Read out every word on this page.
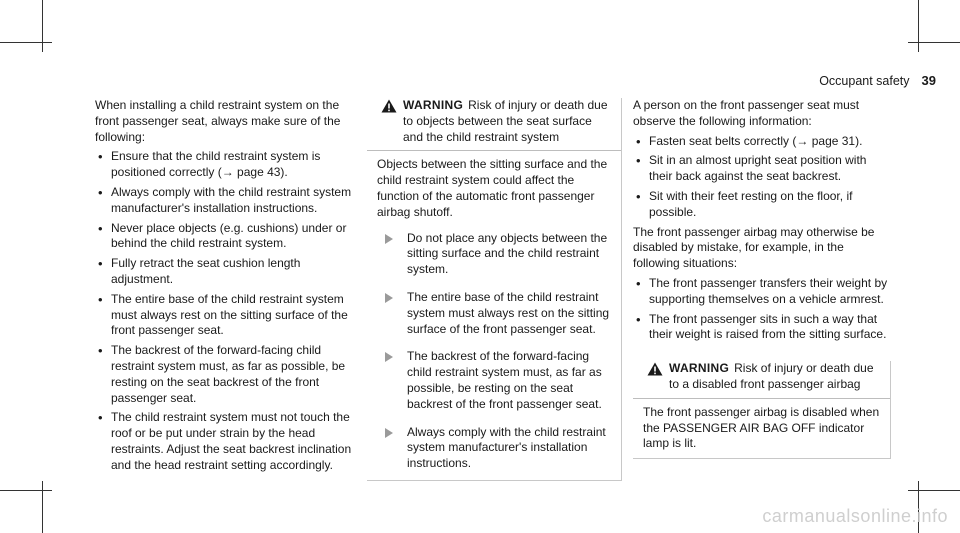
Occupant safety 39

When installing a child restraint system on the front passenger seat, always make sure of the following:

• Ensure that the child restraint system is positioned correctly (→ page 43).
• Always comply with the child restraint system manufacturer's installation instructions.
• Never place objects (e.g. cushions) under or behind the child restraint system.
• Fully retract the seat cushion length adjustment.
• The entire base of the child restraint system must always rest on the sitting surface of the front passenger seat.
• The backrest of the forward-facing child restraint system must, as far as possible, be resting on the seat backrest of the front passenger seat.
• The child restraint system must not touch the roof or be put under strain by the head restraints. Adjust the seat backrest inclination and the head restraint setting accordingly.
WARNING Risk of injury or death due to objects between the seat surface and the child restraint system

Objects between the sitting surface and the child restraint system could affect the function of the automatic front passenger airbag shutoff.

Do not place any objects between the sitting surface and the child restraint system.
The entire base of the child restraint system must always rest on the sitting surface of the front passenger seat.
The backrest of the forward-facing child restraint system must, as far as possible, be resting on the seat backrest of the front passenger seat.
Always comply with the child restraint system manufacturer's installation instructions.

A person on the front passenger seat must observe the following information:

• Fasten seat belts correctly (→ page 31).
• Sit in an almost upright seat position with their back against the seat backrest.
• Sit with their feet resting on the floor, if possible.

The front passenger airbag may otherwise be disabled by mistake, for example, in the following situations:

• The front passenger transfers their weight by supporting themselves on a vehicle armrest.
• The front passenger sits in such a way that their weight is raised from the sitting surface.
WARNING Risk of injury or death due to a disabled front passenger airbag

The front passenger airbag is disabled when the PASSENGER AIR BAG OFF indicator lamp is lit.

carmanualsonline.info
